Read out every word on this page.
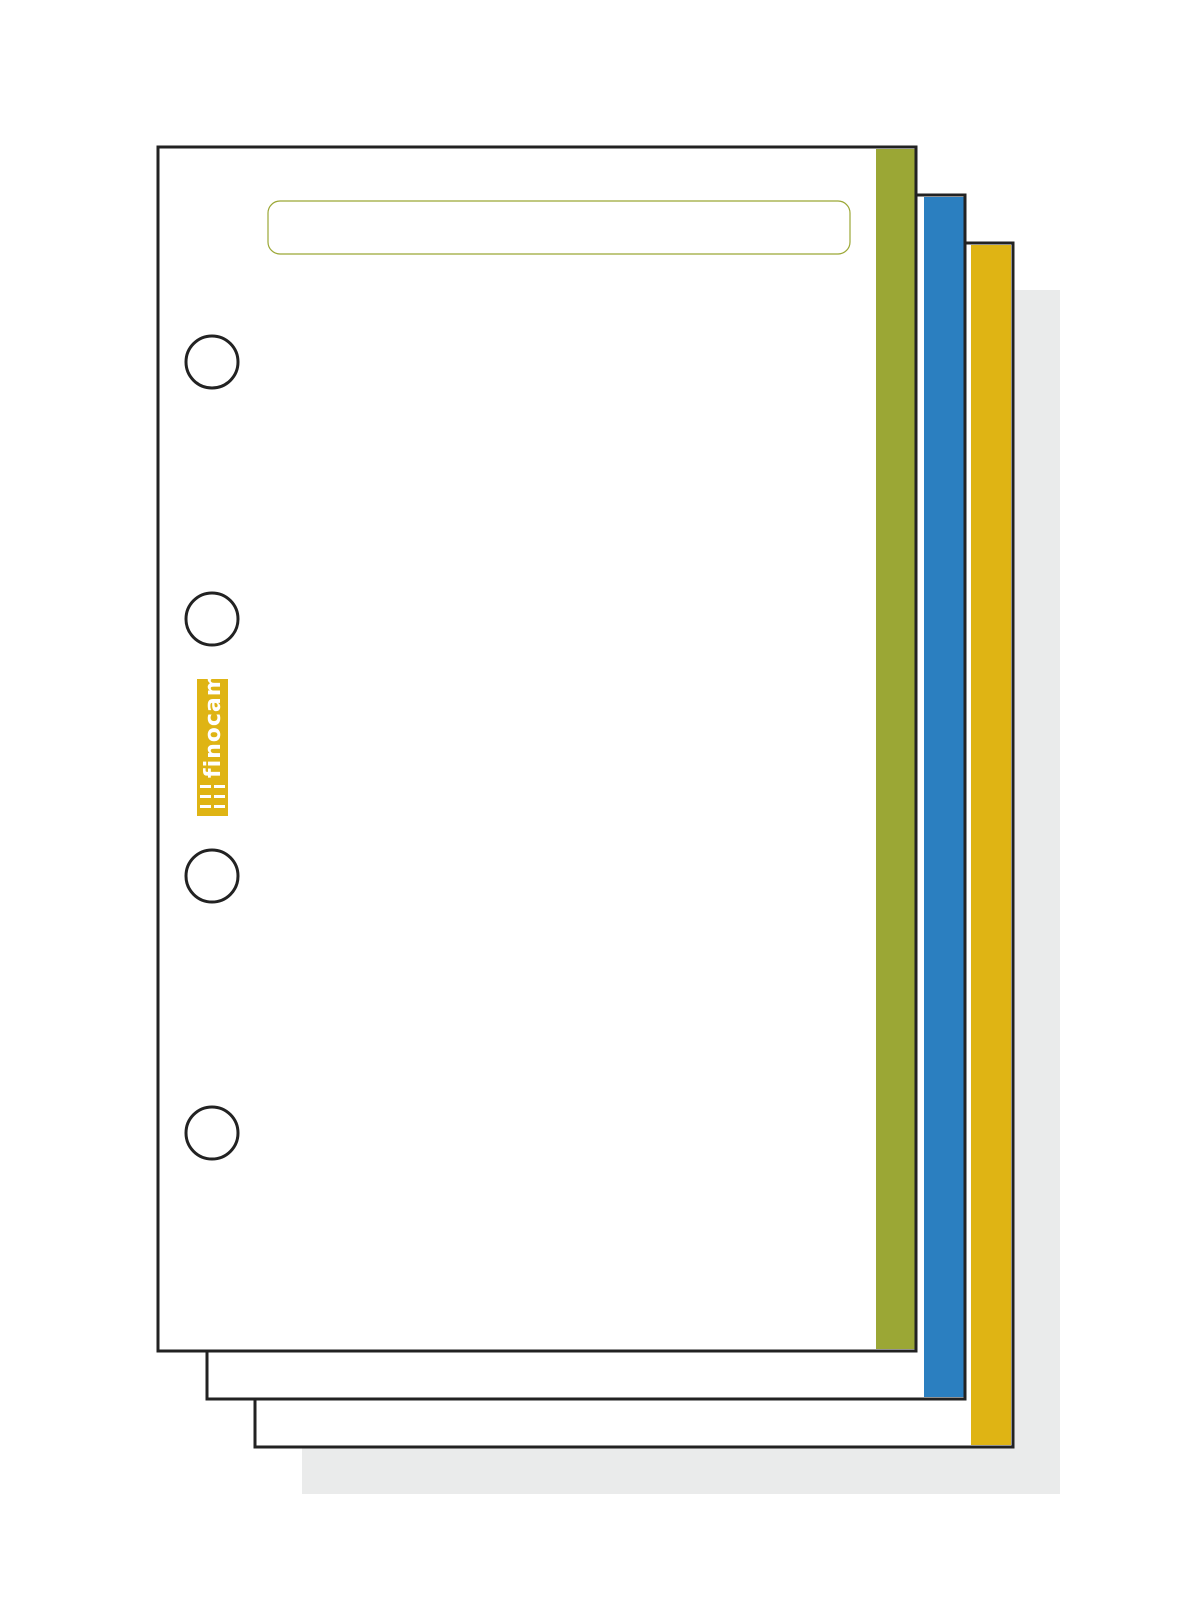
finocam
